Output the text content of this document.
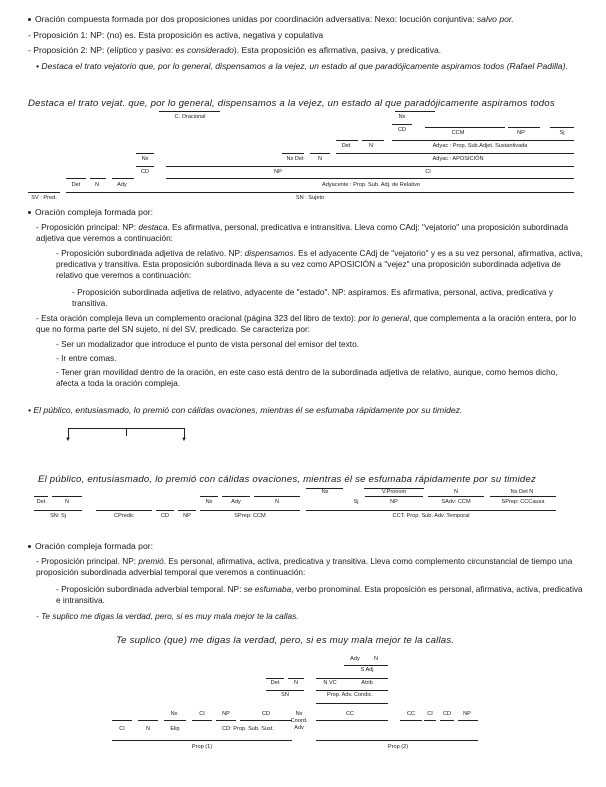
Oración compuesta formada por dos proposiciones unidas por coordinación adversativa: Nexo: locución conjuntiva: salvo por.

- Proposición 1: NP: (no) es. Esta proposición es activa, negativa y copulativa

- Proposición 2: NP: (elíptico y pasivo: es considerado). Esta proposición es afirmativa, pasiva, y predicativa.

• Destaca el trato vejatorio que, por lo general, dispensamos a la vejez, un estado al que paradójicamente aspiramos todos (Rafael Padilla).

Destaca el trato vejat. que, por lo general, dispensamos a la vejez, un estado al que paradójicamente aspiramos todos
C. Oracional	Nx
CD	CCM	NP	Sj
Det	N	Adyac : Prop. Sub.Adjet. Sustantivada
Nx	Nx Det	N	Adyac : APOSICIÓN
CD	NP	CI
Det	N	Ady	Adyacente : Prop. Sub. Adj. de Relativo
SV : Pred.	SN : Sujeto

Oración compleja formada por:

- Proposición principal: NP: destaca. Es afirmativa, personal, predicativa e intransitiva. Lleva como CAdj: "vejatorio" una proposición subordinada adjetiva que veremos a continuación:

- Proposición subordinada adjetiva de relativo. NP: dispensamos. Es el adyacente CAdj de "vejatorio" y es a su vez personal, afirmativa, activa, predicativa y transitiva. Esta proposición subordinada lleva a su vez como APOSICIÓN a "vejez" una proposición subordinada adjetiva de relativo que veremos a continuación:

- Proposición subordinada adjetiva de relativo, adyacente de "estado". NP: aspiramos. Es afirmativa, personal, activa, predicativa y transitiva.

- Esta oración compleja lleva un complemento oracional (página 323 del libro de texto): por lo general, que complementa a la oración entera, por lo que no forma parte del SN sujeto, ni del SV, predicado. Se caracteriza por:

- Ser un modalizador que introduce el punto de vista personal del emisor del texto.

- Ir entre comas.

- Tener gran movilidad dentro de la oración, en este caso está dentro de la subordinada adjetiva de relativo, aunque, como hemos dicho, afecta a toda la oración compleja.

• El público, entusiasmado, lo premió con cálidas ovaciones, mientras él se esfumaba rápidamente por su timidez.

▼	▼
El público, entusiasmado, lo premió con cálidas ovaciones, mientras él se esfumaba rápidamente por su timidez
Nx	V.Pronom	N	Nx Det N
Det	N	Nx	Ady	N	Sj	NP	SAdv: CCM	SPrep: CCCausa
SN: Sj	CPredic	CD	NP	SPrep: CCM	CCT: Prop. Sub. Adv. Temporal

Oración compleja formada por:

- Proposición principal. NP: premió. Es personal, afirmativa, activa, predicativa y transitiva. Lleva como complemento circunstancial de tiempo una proposición subordinada adverbial temporal que veremos a continuación:

- Proposición subordinada adverbial temporal. NP: se esfumaba, verbo pronominal. Esta proposición es personal, afirmativa, activa, predicativa e intransitiva.

- Te suplico me digas la verdad, pero, si es muy mala mejor te la callas.

Te suplico (que) me digas la verdad, pero, si es muy mala mejor te la callas.
Ady	N
S Adj
Det	N	N VC	Atrib
SN	Prop. Adv. Condic.
Nx	CI	NP	CD	Nx	CC	CC CI CD NP
Coord.
Adv
CI	N	Elip	CD: Prop. Sub. Sust.
Prop (1)	Prop (2)
